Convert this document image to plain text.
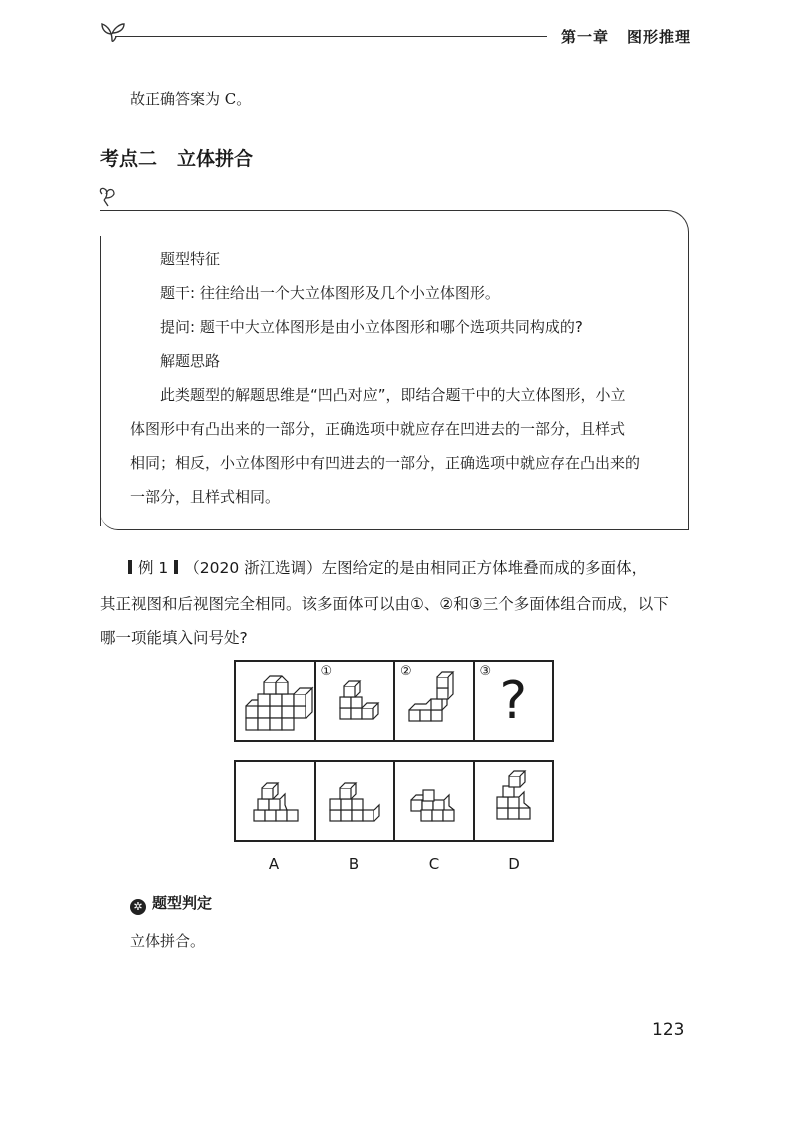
第一章 图形推理
故正确答案为 C。
考点二 立体拼合
题型特征
题干: 往往给出一个大立体图形及几个小立体图形。
提问: 题干中大立体图形是由小立体图形和哪个选项共同构成的?
解题思路
此类题型的解题思维是“凹凸对应”，即结合题干中的大立体图形，小立
体图形中有凸出来的一部分，正确选项中就应存在凹进去的一部分，且样式
相同；相反，小立体图形中有凹进去的一部分，正确选项中就应存在凸出来的
一部分，且样式相同。
例 1 （2020 浙江选调）左图给定的是由相同正方体堆叠而成的多面体，
其正视图和后视图完全相同。该多面体可以由①、②和③三个多面体组合而成，以下
哪一项能填入问号处?
①	②	③ ?
A	B	C	D
✲ 题型判定
立体拼合。
123
